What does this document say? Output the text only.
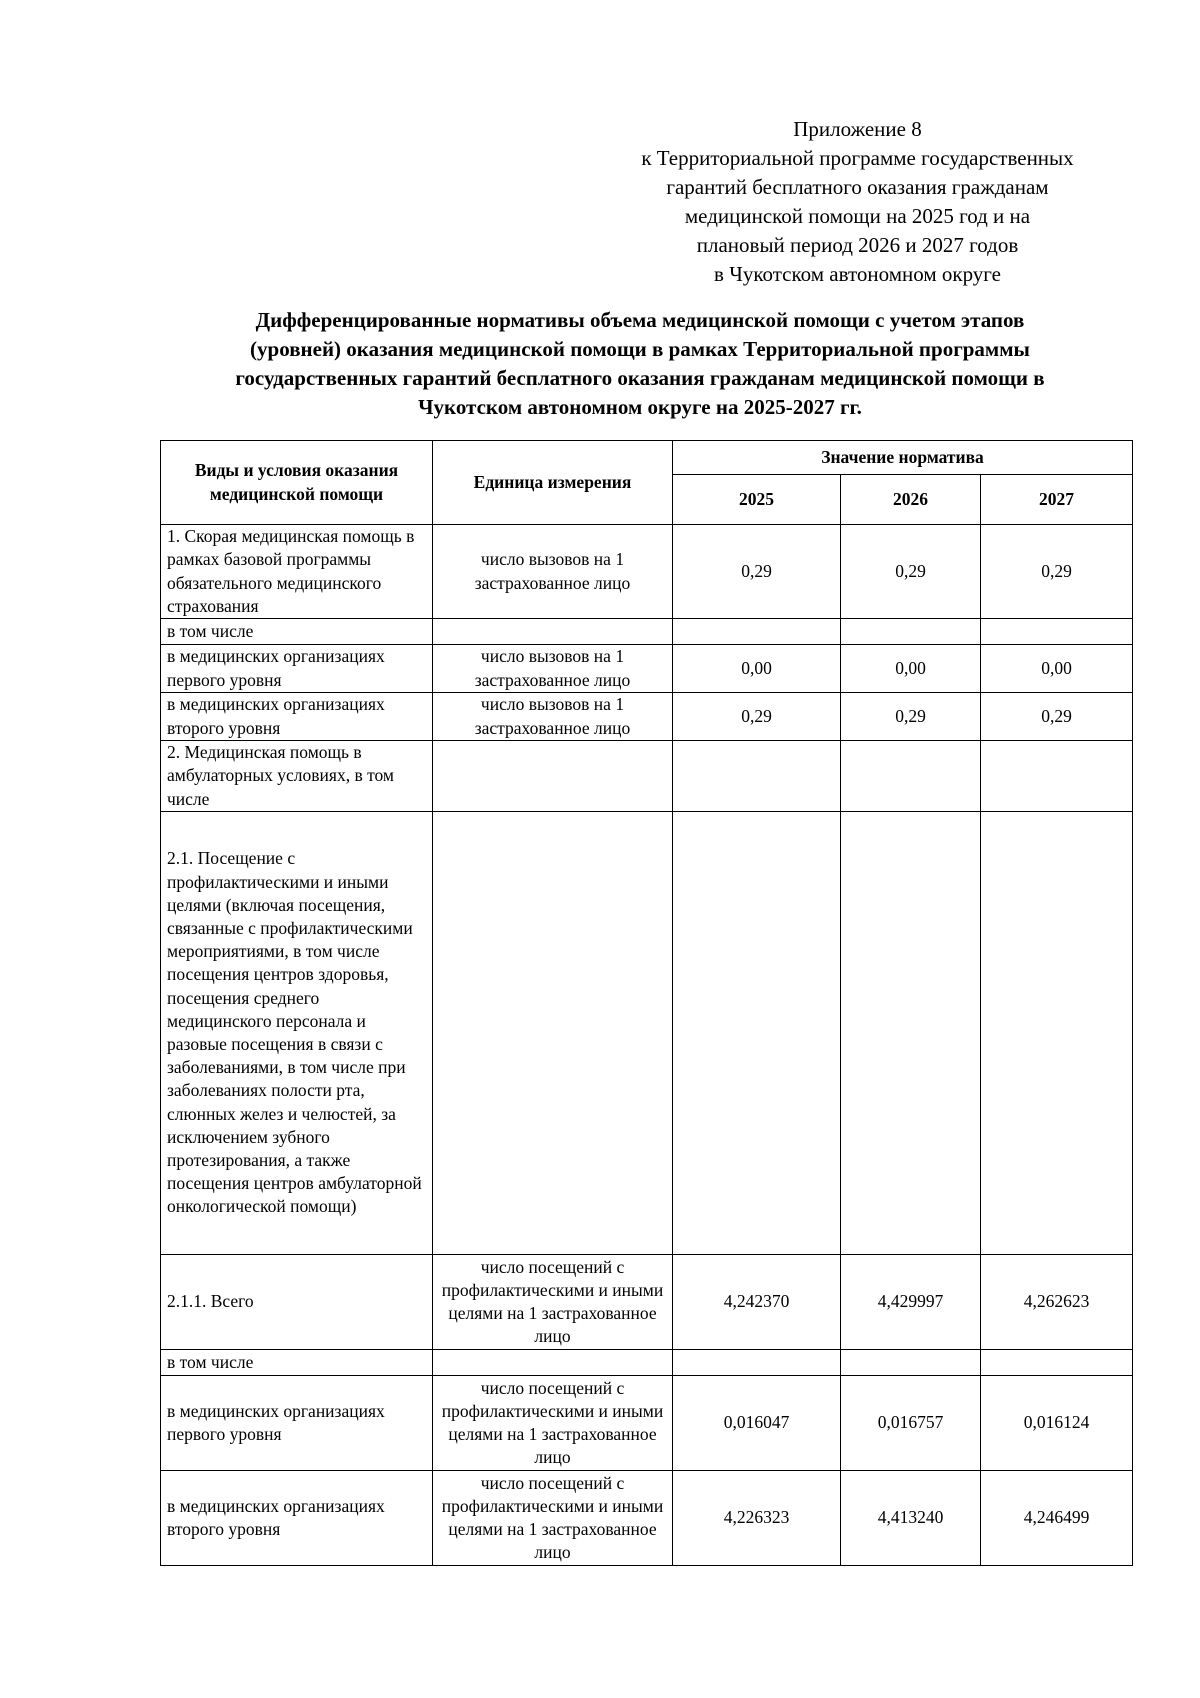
Приложение 8
к Территориальной программе государственных
гарантий бесплатного оказания гражданам
медицинской помощи на 2025 год и на
плановый период 2026 и 2027 годов
в Чукотском автономном округе
Дифференцированные нормативы объема медицинской помощи с учетом этапов
(уровней) оказания медицинской помощи в рамках Территориальной программы
государственных гарантий бесплатного оказания гражданам медицинской помощи в
Чукотском автономном округе на 2025-2027 гг.
Виды и условия оказания медицинской помощи	Единица измерения	Значение норматива		
		2025	2026	2027
1. Скорая медицинская помощь в рамках базовой программы обязательного медицинского страхования	число вызовов на 1 застрахованное лицо	0,29	0,29	0,29
в том числе				
в медицинских организациях первого уровня	число вызовов на 1 застрахованное лицо	0,00	0,00	0,00
в медицинских организациях второго уровня	число вызовов на 1 застрахованное лицо	0,29	0,29	0,29
2. Медицинская помощь в амбулаторных условиях, в том числе				
2.1. Посещение с профилактическими и иными целями (включая посещения, связанные с профилактическими мероприятиями, в том числе посещения центров здоровья, посещения среднего медицинского персонала и разовые посещения в связи с заболеваниями, в том числе при заболеваниях полости рта, слюнных желез и челюстей, за исключением зубного протезирования, а также посещения центров амбулаторной онкологической помощи)				
2.1.1. Всего	число посещений с профилактическими и иными целями на 1 застрахованное лицо	4,242370	4,429997	4,262623
в том числе				
в медицинских организациях первого уровня	число посещений с профилактическими и иными целями на 1 застрахованное лицо	0,016047	0,016757	0,016124
в медицинских организациях второго уровня	число посещений с профилактическими и иными целями на 1 застрахованное лицо	4,226323	4,413240	4,246499
